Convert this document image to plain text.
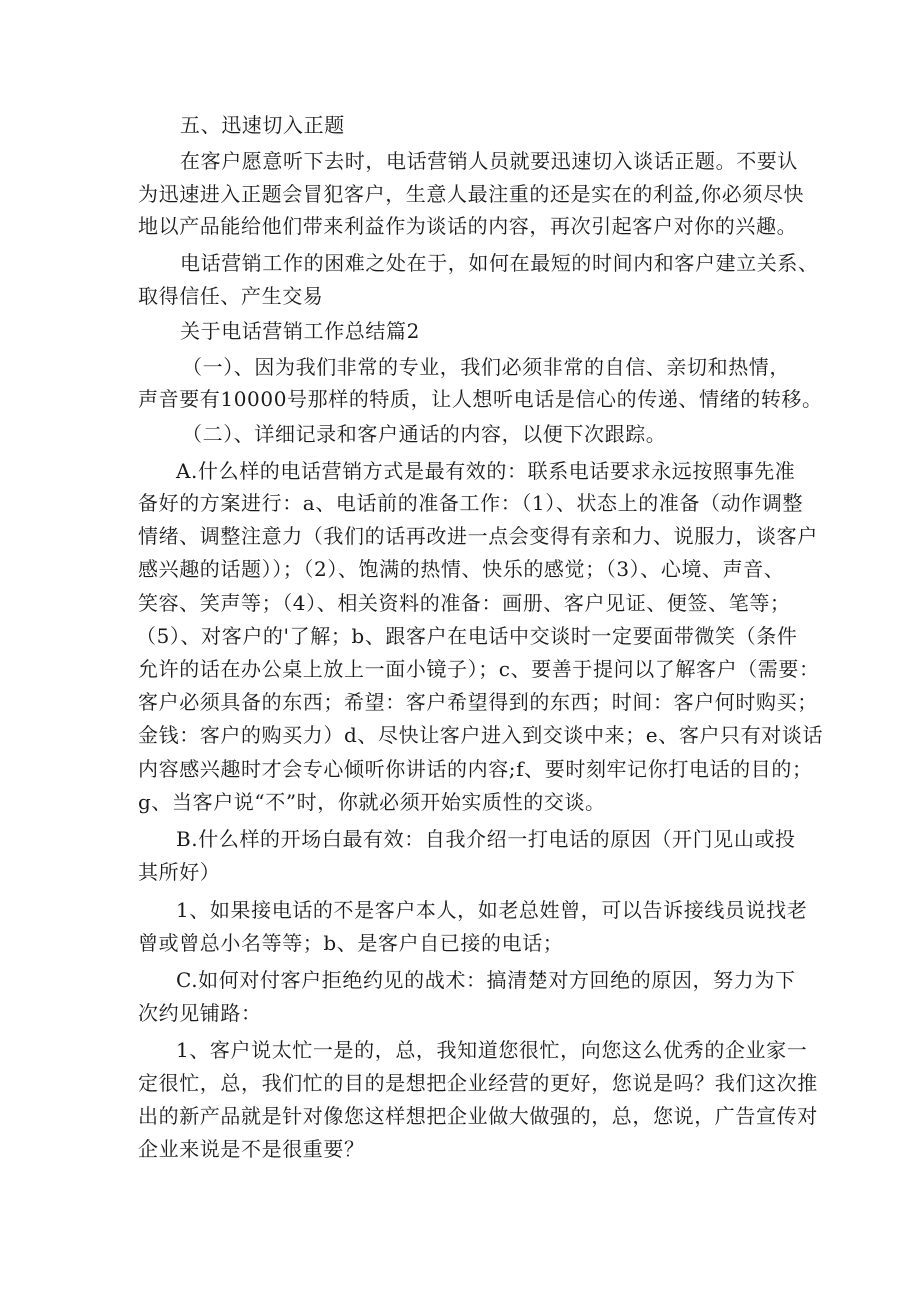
五、迅速切入正题
在客户愿意听下去时，电话营销人员就要迅速切入谈话正题。不要认
为迅速进入正题会冒犯客户，生意人最注重的还是实在的利益,你必须尽快
地以产品能给他们带来利益作为谈话的内容，再次引起客户对你的兴趣。
电话营销工作的困难之处在于，如何在最短的时间内和客户建立关系、
取得信任、产生交易
关于电话营销工作总结篇2
（一）、因为我们非常的专业，我们必须非常的自信、亲切和热情，
声音要有10000号那样的特质，让人想听电话是信心的传递、情绪的转移。
（二）、详细记录和客户通话的内容，以便下次跟踪。
A.什么样的电话营销方式是最有效的：联系电话要求永远按照事先准
备好的方案进行：a、电话前的准备工作：（1）、状态上的准备（动作调整
情绪、调整注意力（我们的话再改进一点会变得有亲和力、说服力，谈客户
感兴趣的话题））；（2）、饱满的热情、快乐的感觉；（3）、心境、声音、
笑容、笑声等；（4）、相关资料的准备：画册、客户见证、便签、笔等；
（5）、对客户的'了解；b、跟客户在电话中交谈时一定要面带微笑（条件
允许的话在办公桌上放上一面小镜子）；c、要善于提问以了解客户（需要：
客户必须具备的东西；希望：客户希望得到的东西；时间：客户何时购买；
金钱：客户的购买力）d、尽快让客户进入到交谈中来；e、客户只有对谈话
内容感兴趣时才会专心倾听你讲话的内容;f、要时刻牢记你打电话的目的；
g、当客户说“不”时，你就必须开始实质性的交谈。
B.什么样的开场白最有效：自我介绍一打电话的原因（开门见山或投
其所好）
1、如果接电话的不是客户本人，如老总姓曾，可以告诉接线员说找老
曾或曾总小名等等；b、是客户自已接的电话；
C.如何对付客户拒绝约见的战术：搞清楚对方回绝的原因，努力为下
次约见铺路：
1、客户说太忙一是的，总，我知道您很忙，向您这么优秀的企业家一
定很忙，总，我们忙的目的是想把企业经营的更好，您说是吗？我们这次推
出的新产品就是针对像您这样想把企业做大做强的，总，您说，广告宣传对
企业来说是不是很重要？
